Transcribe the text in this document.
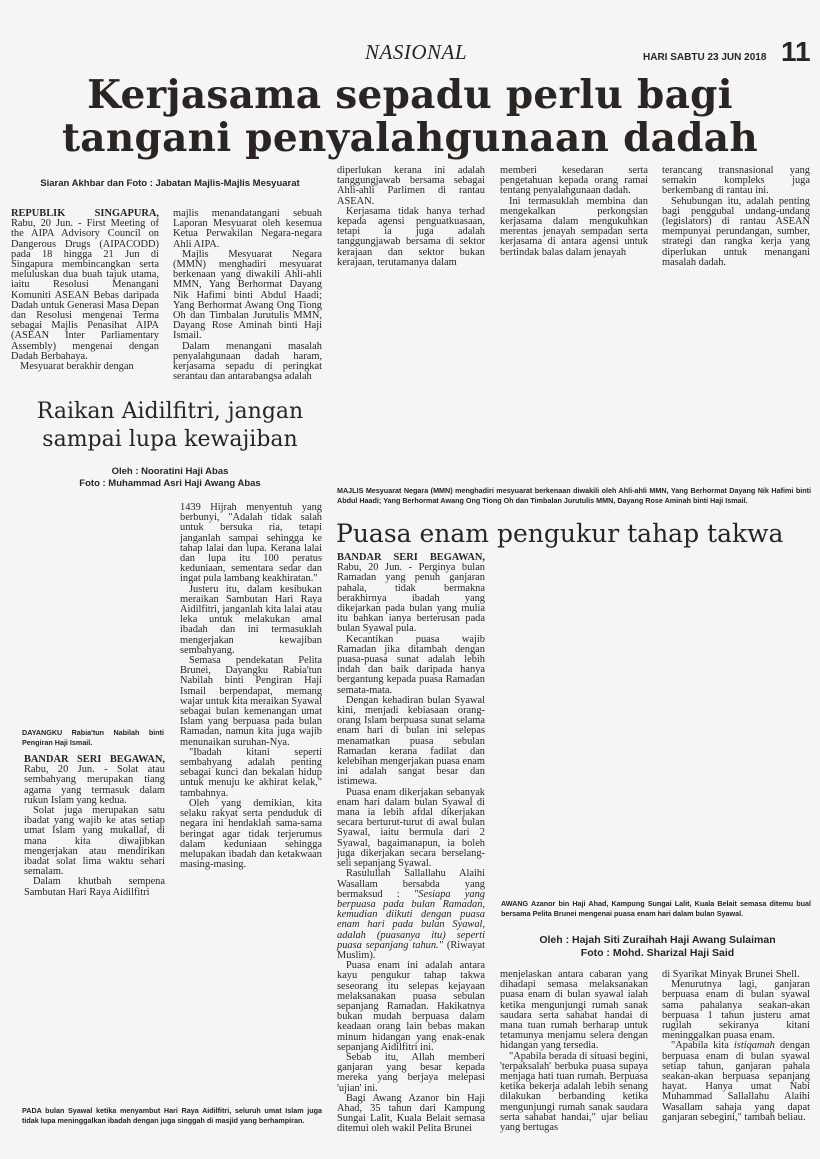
NASIONAL	HARI SABTU 23 JUN 2018 11
Kerjasama sepadu perlu bagi
tangani penyalahgunaan dadah
Siaran Akhbar dan Foto : Jabatan Majlis-Majlis Mesyuarat

REPUBLIK SINGAPURA, Rabu, 20 Jun. - First Meeting of the AIPA Advisory Council on Dangerous Drugs (AIPACODD) pada 18 hingga 21 Jun di Singapura membincangkan serta meluluskan dua buah tajuk utama, iaitu Resolusi Menangani Komuniti ASEAN Bebas daripada Dadah untuk Generasi Masa Depan dan Resolusi mengenai Terma sebagai Majlis Penasihat AIPA (ASEAN Inter Parliamentary Assembly) mengenai dengan Dadah Berbahaya.

Mesyuarat berakhir dengan

majlis menandatangani sebuah Laporan Mesyuarat oleh kesemua Ketua Perwakilan Negara-negara Ahli AIPA.

Majlis Mesyuarat Negara (MMN) menghadiri mesyuarat berkenaan yang diwakili Ahli-ahli MMN, Yang Berhormat Dayang Nik Hafimi binti Abdul Haadi; Yang Berhormat Awang Ong Tiong Oh dan Timbalan Jurutulis MMN, Dayang Rose Aminah binti Haji Ismail.

Dalam menangani masalah penyalahgunaan dadah haram, kerjasama sepadu di peringkat serantau dan antarabangsa adalah

diperlukan kerana ini adalah tanggungjawab bersama sebagai Ahli-ahli Parlimen di rantau ASEAN.

Kerjasama tidak hanya terhad kepada agensi penguatkuasaan, tetapi ia juga adalah tanggungjawab bersama di sektor kerajaan dan sektor bukan kerajaan, terutamanya dalam

memberi kesedaran serta pengetahuan kepada orang ramai tentang penyalahgunaan dadah.

Ini termasuklah membina dan mengekalkan perkongsian kerjasama dalam mengukuhkan merentas jenayah sempadan serta kerjasama di antara agensi untuk bertindak balas dalam jenayah

terancang transnasional yang semakin kompleks juga berkembang di rantau ini.

Sehubungan itu, adalah penting bagi penggubal undang-undang (legislators) di rantau ASEAN mempunyai perundangan, sumber, strategi dan rangka kerja yang diperlukan untuk menangani masalah dadah.

MAJLIS Mesyuarat Negara (MMN) menghadiri mesyuarat berkenaan diwakili oleh Ahli-ahli MMN, Yang Berhormat Dayang Nik Hafimi binti Abdul Haadi; Yang Berhormat Awang Ong Tiong Oh dan Timbalan Jurutulis MMN, Dayang Rose Aminah binti Haji Ismail.
Raikan Aidilfitri, jangan
sampai lupa kewajiban
Oleh : Nooratini Haji Abas
Foto : Muhammad Asri Haji Awang Abas
DAYANGKU Rabia'tun Nabilah binti Pengiran Haji Ismail.

BANDAR SERI BEGAWAN, Rabu, 20 Jun. - Solat atau sembahyang merupakan tiang agama yang termasuk dalam rukun Islam yang kedua.

Solat juga merupakan satu ibadat yang wajib ke atas setiap umat Islam yang mukallaf, di mana kita diwajibkan mengerjakan atau mendirikan ibadat solat lima waktu sehari semalam.

Dalam khutbah sempena Sambutan Hari Raya Aidilfitri

1439 Hijrah menyentuh yang berbunyi, "Adalah tidak salah untuk bersuka ria, tetapi janganlah sampai sehingga ke tahap lalai dan lupa. Kerana lalai dan lupa itu 100 peratus keduniaan, sementara sedar dan ingat pula lambang keakhiratan."

Justeru itu, dalam kesibukan meraikan Sambutan Hari Raya Aidilfitri, janganlah kita lalai atau leka untuk melakukan amal ibadah dan ini termasuklah mengerjakan kewajiban sembahyang.

Semasa pendekatan Pelita Brunei, Dayangku Rabia'tun Nabilah binti Pengiran Haji Ismail berpendapat, memang wajar untuk kita meraikan Syawal sebagai bulan kemenangan umat Islam yang berpuasa pada bulan Ramadan, namun kita juga wajib menunaikan suruhan-Nya.

"Ibadah kitani seperti sembahyang adalah penting sebagai kunci dan bekalan hidup untuk menuju ke akhirat kelak," tambahnya.

Oleh yang demikian, kita selaku rakyat serta penduduk di negara ini hendaklah sama-sama beringat agar tidak terjerumus dalam keduniaan sehingga melupakan ibadah dan ketakwaan masing-masing.

PADA bulan Syawal ketika menyambut Hari Raya Aidilfitri, seluruh umat Islam juga tidak lupa meninggalkan ibadah dengan juga singgah di masjid yang berhampiran.
Puasa enam pengukur tahap takwa

BANDAR SERI BEGAWAN, Rabu, 20 Jun. - Perginya bulan Ramadan yang penuh ganjaran pahala, tidak bermakna berakhirnya ibadah yang dikejarkan pada bulan yang mulia itu bahkan ianya berterusan pada bulan Syawal pula.

Kecantikan puasa wajib Ramadan jika ditambah dengan puasa-puasa sunat adalah lebih indah dan baik daripada hanya bergantung kepada puasa Ramadan semata-mata.

Dengan kehadiran bulan Syawal kini, menjadi kebiasaan orang-orang Islam berpuasa sunat selama enam hari di bulan ini selepas menamatkan puasa sebulan Ramadan kerana fadilat dan kelebihan mengerjakan puasa enam ini adalah sangat besar dan istimewa.

Puasa enam dikerjakan sebanyak enam hari dalam bulan Syawal di mana ia lebih afdal dikerjakan secara berturut-turut di awal bulan Syawal, iaitu bermula dari 2 Syawal, bagaimanapun, ia boleh juga dikerjakan secara berselang-seli sepanjang Syawal.

Rasulullah Sallallahu Alaihi Wasallam bersabda yang bermaksud : "Sesiapa yang berpuasa pada bulan Ramadan, kemudian diikuti dengan puasa enam hari pada bulan Syawal, adalah (puasanya itu) seperti puasa sepanjang tahun." (Riwayat Muslim).

Puasa enam ini adalah antara kayu pengukur tahap takwa seseorang itu selepas kejayaan melaksanakan puasa sebulan sepanjang Ramadan. Hakikatnya bukan mudah berpuasa dalam keadaan orang lain bebas makan minum hidangan yang enak-enak sepanjang Aidilfitri ini.

Sebab itu, Allah memberi ganjaran yang besar kepada mereka yang berjaya melepasi 'ujian' ini.

Bagi Awang Azanor bin Haji Ahad, 35 tahun dari Kampung Sungai Lalit, Kuala Belait semasa ditemui oleh wakil Pelita Brunei

AWANG Azanor bin Haji Ahad, Kampung Sungai Lalit, Kuala Belait semasa ditemu bual bersama Pelita Brunei mengenai puasa enam hari dalam bulan Syawal.
Oleh : Hajah Siti Zuraihah Haji Awang Sulaiman
Foto : Mohd. Sharizal Haji Said

menjelaskan antara cabaran yang dihadapi semasa melaksanakan puasa enam di bulan syawal ialah ketika mengunjungi rumah sanak saudara serta sahabat handai di mana tuan rumah berharap untuk tetamunya menjamu selera dengan hidangan yang tersedia.

"Apabila berada di situasi begini, 'terpaksalah' berbuka puasa supaya menjaga hati tuan rumah. Berpuasa ketika bekerja adalah lebih senang dilakukan berbanding ketika mengunjungi rumah sanak saudara serta sahabat handai," ujar beliau yang bertugas

di Syarikat Minyak Brunei Shell.

Menurutnya lagi, ganjaran berpuasa enam di bulan syawal sama pahalanya seakan-akan berpuasa 1 tahun justeru amat rugilah sekiranya kitani meninggalkan puasa enam.

"Apabila kita istiqamah dengan berpuasa enam di bulan syawal setiap tahun, ganjaran pahala seakan-akan berpuasa sepanjang hayat. Hanya umat Nabi Muhammad Sallallahu Alaihi Wasallam sahaja yang dapat ganjaran sebegini," tambah beliau.
